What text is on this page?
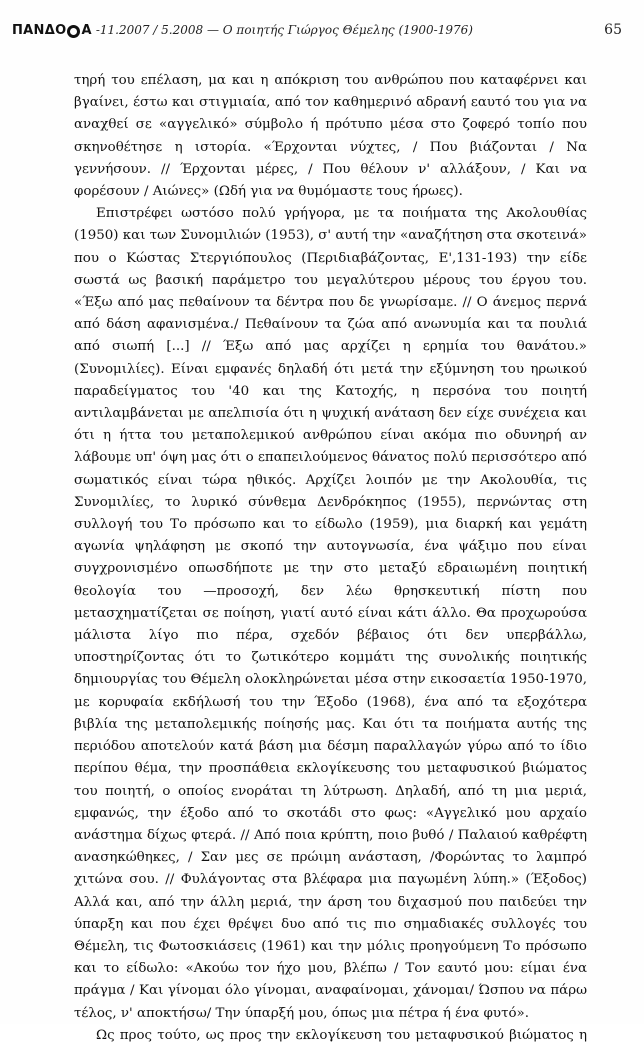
ΠΑΝΔΟ Α -11.2007 / 5.2008 — Ο ποιητής Γιώργος Θέμελης (1900-1976)	65

τηρή του επέλαση, μα και η απόκριση του ανθρώπου που καταφέρνει και βγαίνει, έστω και στιγμιαία, από τον καθημερινό αδρανή εαυτό του για να αναχθεί σε «αγγελικό» σύμβολο ή πρότυπο μέσα στο ζοφερό τοπίο που σκηνοθέτησε η ιστορία. «Έρχονται νύχτες, / Που βιάζονται / Να γεννήσουν. // Έρχονται μέρες, / Που θέλουν ν' αλλάξουν, / Και να φορέσουν / Αιώνες» (Ωδή για να θυμόμαστε τους ήρωες).

Επιστρέφει ωστόσο πολύ γρήγορα, με τα ποιήματα της Ακολουθίας (1950) και των Συνομιλιών (1953), σ' αυτή την «αναζήτηση στα σκοτεινά» που ο Κώστας Στεργιόπουλος (Περιδιαβάζοντας, Ε',131-193) την είδε σωστά ως βασική παράμετρο του μεγαλύτερου μέρους του έργου του. «Έξω από μας πεθαίνουν τα δέντρα που δε γνωρίσαμε. // Ο άνεμος περνά από δάση αφανισμένα./ Πεθαίνουν τα ζώα από ανωνυμία και τα πουλιά από σιωπή [...] // Έξω από μας αρχίζει η ερημία του θανάτου.» (Συνομιλίες). Είναι εμφανές δηλαδή ότι μετά την εξύμνηση του ηρωικού παραδείγματος του '40 και της Κατοχής, η περσόνα του ποιητή αντιλαμβάνεται με απελπισία ότι η ψυχική ανάταση δεν είχε συνέχεια και ότι η ήττα του μεταπολεμικού ανθρώπου είναι ακόμα πιο οδυνηρή αν λάβουμε υπ' όψη μας ότι ο επαπειλούμενος θάνατος πολύ περισσότερο από σωματικός είναι τώρα ηθικός. Αρχίζει λοιπόν με την Ακολουθία, τις Συνομιλίες, το λυρικό σύνθεμα Δενδρόκηπος (1955), περνώντας στη συλλογή του Το πρόσωπο και το είδωλο (1959), μια διαρκή και γεμάτη αγωνία ψηλάφηση με σκοπό την αυτογνωσία, ένα ψάξιμο που είναι συγχρονισμένο οπωσδήποτε με την στο μεταξύ εδραιωμένη ποιητική θεολογία του —προσοχή, δεν λέω θρησκευτική πίστη που μετασχηματίζεται σε ποίηση, γιατί αυτό είναι κάτι άλλο. Θα προχωρούσα μάλιστα λίγο πιο πέρα, σχεδόν βέβαιος ότι δεν υπερβάλλω, υποστηρίζοντας ότι το ζωτικότερο κομμάτι της συνολικής ποιητικής δημιουργίας του Θέμελη ολοκληρώνεται μέσα στην εικοσαετία 1950-1970, με κορυφαία εκδήλωσή του την Έξοδο (1968), ένα από τα εξοχότερα βιβλία της μεταπολεμικής ποίησής μας. Και ότι τα ποιήματα αυτής της περιόδου αποτελούν κατά βάση μια δέσμη παραλλαγών γύρω από το ίδιο περίπου θέμα, την προσπάθεια εκλογίκευσης του μεταφυσικού βιώματος του ποιητή, ο οποίος ενοράται τη λύτρωση. Δηλαδή, από τη μια μεριά, εμφανώς, την έξοδο από το σκοτάδι στο φως: «Αγγελικό μου αρχαίο ανάστημα δίχως φτερά. // Από ποια κρύπτη, ποιο βυθό / Παλαιού καθρέφτη ανασηκώθηκες, / Σαν μες σε πρώιμη ανάσταση, /Φορώντας το λαμπρό χιτώνα σου. // Φυλάγοντας στα βλέφαρα μια παγωμένη λύπη.» (Έξοδος) Αλλά και, από την άλλη μεριά, την άρση του διχασμού που παιδεύει την ύπαρξη και που έχει θρέψει δυο από τις πιο σημαδιακές συλλογές του Θέμελη, τις Φωτοσκιάσεις (1961) και την μόλις προηγούμενη Το πρόσωπο και το είδωλο: «Ακούω τον ήχο μου, βλέπω / Τον εαυτό μου: είμαι ένα πράγμα / Και γίνομαι όλο γίνομαι, αναφαίνομαι, χάνομαι/ Ώσπου να πάρω τέλος, ν' αποκτήσω/ Την ύπαρξή μου, όπως μια πέτρα ή ένα φυτό».

Ως προς τούτο, ως προς την εκλογίκευση του μεταφυσικού βιώματος η
